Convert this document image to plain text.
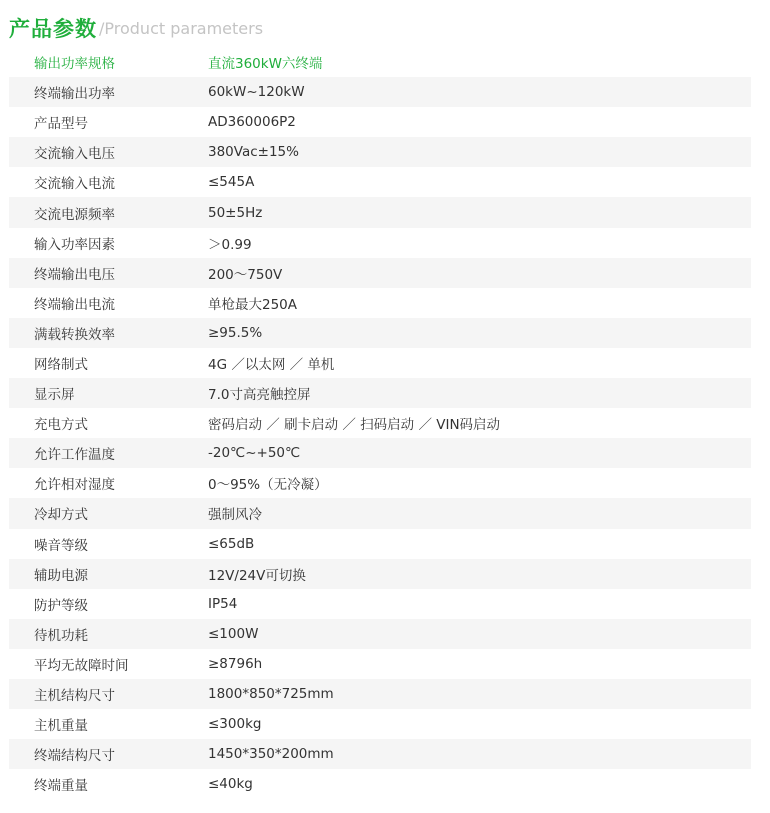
产品参数 /Product parameters
输出功率规格	直流360kW六终端
终端输出功率	60kW~120kW
产品型号	AD360006P2
交流输入电压	380Vac±15%
交流输入电流	≤545A
交流电源频率	50±5Hz
输入功率因素	＞0.99
终端输出电压	200～750V
终端输出电流	单枪最大250A
满载转换效率	≥95.5%
网络制式	4G ／以太网 ／ 单机
显示屏	7.0寸高亮触控屏
充电方式	密码启动 ／ 刷卡启动 ／ 扫码启动 ／ VIN码启动
允许工作温度	-20℃~+50℃
允许相对湿度	0～95%（无冷凝）
冷却方式	强制风冷
噪音等级	≤65dB
辅助电源	12V/24V可切换
防护等级	IP54
待机功耗	≤100W
平均无故障时间	≥8796h
主机结构尺寸	1800*850*725mm
主机重量	≤300kg
终端结构尺寸	1450*350*200mm
终端重量	≤40kg
